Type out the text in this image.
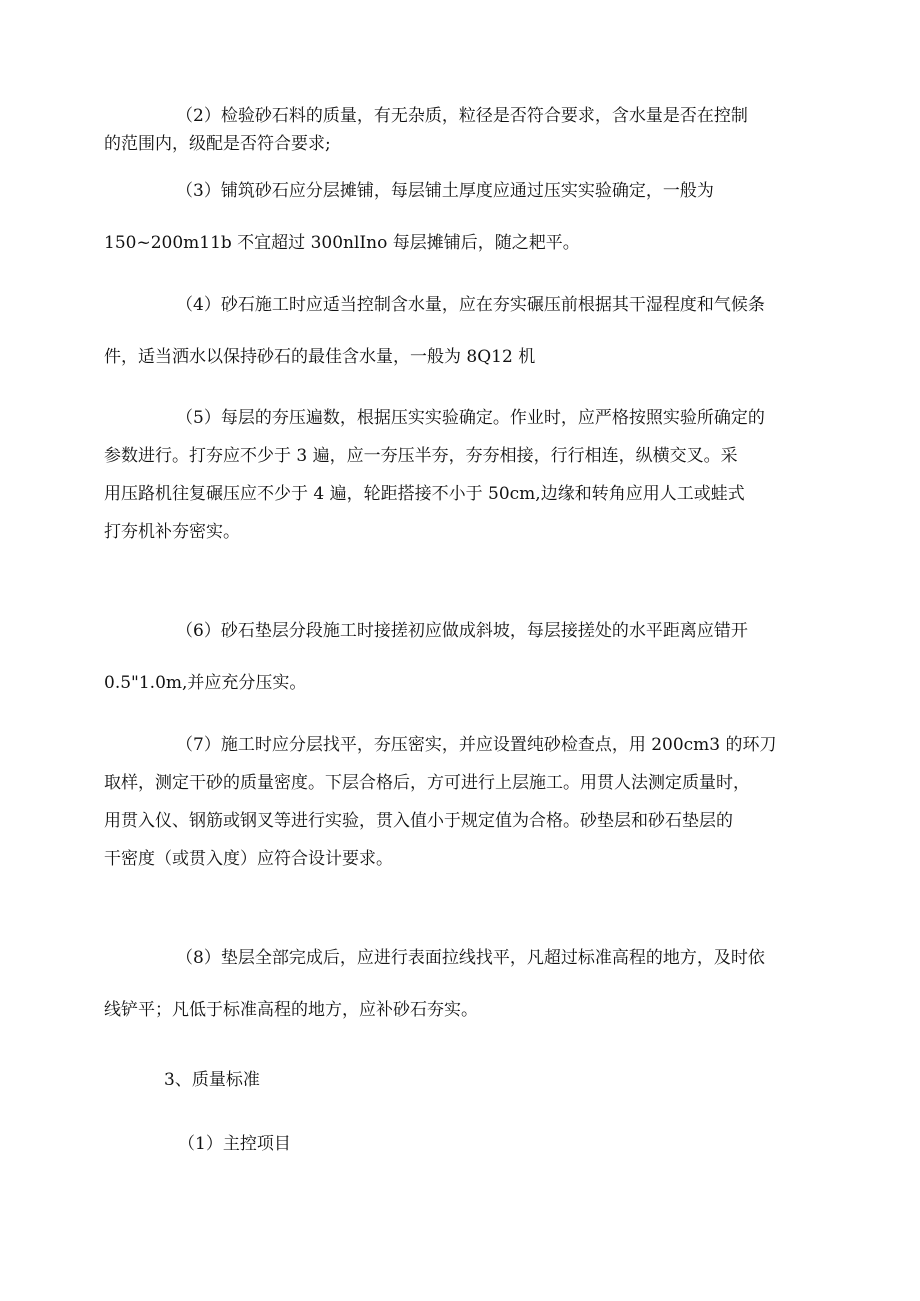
（2）检验砂石料的质量，有无杂质，粒径是否符合要求，含水量是否在控制
的范围内，级配是否符合要求;
（3）铺筑砂石应分层摊铺，每层铺土厚度应通过压实实验确定，一般为
150~200m11b 不宜超过 300nlIno 每层摊铺后，随之耙平。
（4）砂石施工时应适当控制含水量，应在夯实碾压前根据其干湿程度和气候条
件，适当洒水以保持砂石的最佳含水量，一般为 8Q12 机
（5）每层的夯压遍数，根据压实实验确定。作业时，应严格按照实验所确定的
参数进行。打夯应不少于 3 遍，应一夯压半夯，夯夯相接，行行相连，纵横交叉。采
用压路机往复碾压应不少于 4 遍，轮距搭接不小于 50cm,边缘和转角应用人工或蛙式
打夯机补夯密实。
（6）砂石垫层分段施工时接搓初应做成斜坡，每层接搓处的水平距离应错开
0.5"1.0m,并应充分压实。
（7）施工时应分层找平，夯压密实，并应设置纯砂检查点，用 200cm3 的环刀
取样，测定干砂的质量密度。下层合格后，方可进行上层施工。用贯人法测定质量时，
用贯入仪、钢筋或钢叉等进行实验，贯入值小于规定值为合格。砂垫层和砂石垫层的
干密度（或贯入度）应符合设计要求。
（8）垫层全部完成后，应进行表面拉线找平，凡超过标准高程的地方，及时依
线铲平；凡低于标准高程的地方，应补砂石夯实。

3、质量标准

（1）主控项目
